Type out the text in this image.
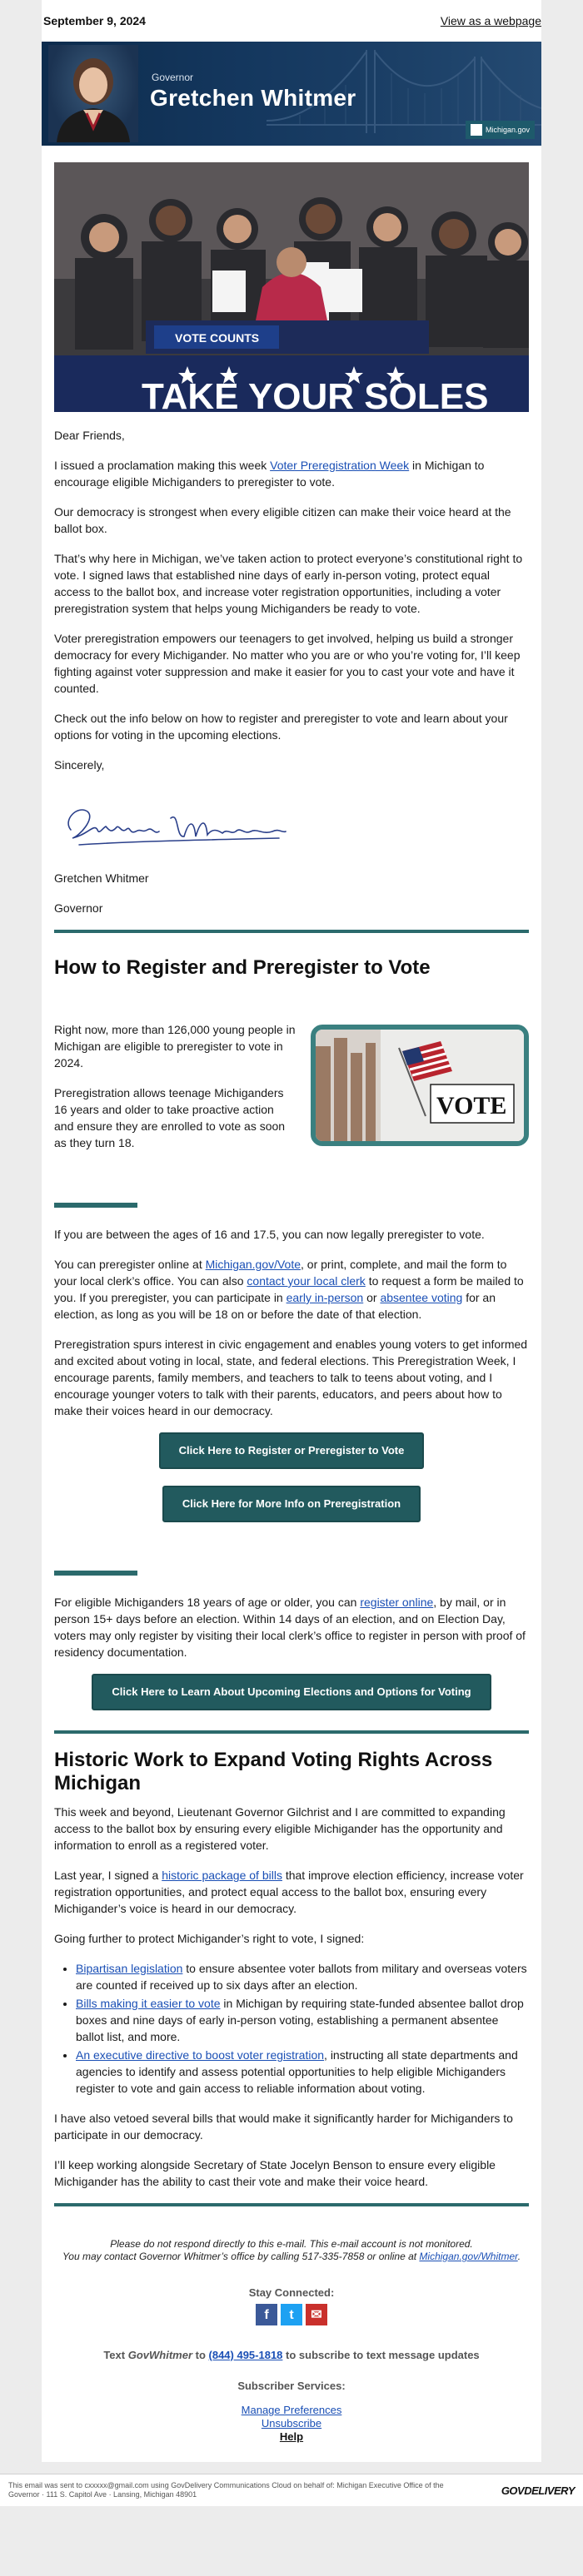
September 9, 2024	View as a webpage
Governor
Gretchen Whitmer
Michigan.gov
VOTE COUNTS
TAKE YOUR SOLES

Dear Friends,

I issued a proclamation making this week Voter Preregistration Week in Michigan to encourage eligible Michiganders to preregister to vote.

Our democracy is strongest when every eligible citizen can make their voice heard at the ballot box.

That’s why here in Michigan, we’ve taken action to protect everyone’s constitutional right to vote. I signed laws that established nine days of early in-person voting, protect equal access to the ballot box, and increase voter registration opportunities, including a voter preregistration system that helps young Michiganders be ready to vote.

Voter preregistration empowers our teenagers to get involved, helping us build a stronger democracy for every Michigander. No matter who you are or who you’re voting for, I’ll keep fighting against voter suppression and make it easier for you to cast your vote and have it counted.

Check out the info below on how to register and preregister to vote and learn about your options for voting in the upcoming elections.

Sincerely,

Gretchen Whitmer

Governor

How to Register and Preregister to Vote

Right now, more than 126,000 young people in Michigan are eligible to preregister to vote in 2024.

Preregistration allows teenage Michiganders 16 years and older to take proactive action and ensure they are enrolled to vote as soon as they turn 18.

VOTE

If you are between the ages of 16 and 17.5, you can now legally preregister to vote.

You can preregister online at Michigan.gov/Vote, or print, complete, and mail the form to your local clerk’s office. You can also contact your local clerk to request a form be mailed to you. If you preregister, you can participate in early in-person or absentee voting for an election, as long as you will be 18 on or before the date of that election.

Preregistration spurs interest in civic engagement and enables young voters to get informed and excited about voting in local, state, and federal elections. This Preregistration Week, I encourage parents, family members, and teachers to talk to teens about voting, and I encourage younger voters to talk with their parents, educators, and peers about how to make their voices heard in our democracy.

Click Here to Register or Preregister to Vote
Click Here for More Info on Preregistration

For eligible Michiganders 18 years of age or older, you can register online, by mail, or in person 15+ days before an election. Within 14 days of an election, and on Election Day, voters may only register by visiting their local clerk’s office to register in person with proof of residency documentation.

Click Here to Learn About Upcoming Elections and Options for Voting
Historic Work to Expand Voting Rights Across Michigan

This week and beyond, Lieutenant Governor Gilchrist and I are committed to expanding access to the ballot box by ensuring every eligible Michigander has the opportunity and information to enroll as a registered voter.

Last year, I signed a historic package of bills that improve election efficiency, increase voter registration opportunities, and protect equal access to the ballot box, ensuring every Michigander’s voice is heard in our democracy.

Going further to protect Michigander’s right to vote, I signed:

• Bipartisan legislation to ensure absentee voter ballots from military and overseas voters are counted if received up to six days after an election.
• Bills making it easier to vote in Michigan by requiring state-funded absentee ballot drop boxes and nine days of early in-person voting, establishing a permanent absentee ballot list, and more.
• An executive directive to boost voter registration, instructing all state departments and agencies to identify and assess potential opportunities to help eligible Michiganders register to vote and gain access to reliable information about voting.

I have also vetoed several bills that would make it significantly harder for Michiganders to participate in our democracy.

I’ll keep working alongside Secretary of State Jocelyn Benson to ensure every eligible Michigander has the ability to cast their vote and make their voice heard.

Please do not respond directly to this e-mail. This e-mail account is not monitored.
You may contact Governor Whitmer’s office by calling 517-335-7858 or online at Michigan.gov/Whitmer.
Stay Connected:
f	t	✉
Text GovWhitmer to (844) 495-1818 to subscribe to text message updates
Subscriber Services:
Manage Preferences
Unsubscribe
Help
This email was sent to cxxxxx@gmail.com using GovDelivery Communications Cloud on behalf of: Michigan Executive Office of the Governor · 111 S. Capitol Ave · Lansing, Michigan 48901	GOVDELIVERY
